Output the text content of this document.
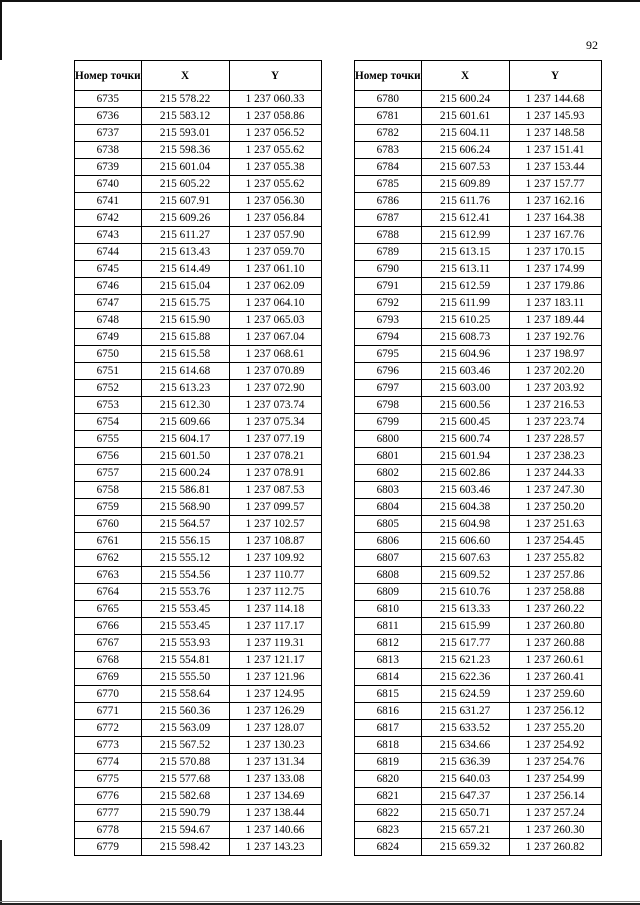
92
Номер точки	X	Y
6735	215 578.22	1 237 060.33
6736	215 583.12	1 237 058.86
6737	215 593.01	1 237 056.52
6738	215 598.36	1 237 055.62
6739	215 601.04	1 237 055.38
6740	215 605.22	1 237 055.62
6741	215 607.91	1 237 056.30
6742	215 609.26	1 237 056.84
6743	215 611.27	1 237 057.90
6744	215 613.43	1 237 059.70
6745	215 614.49	1 237 061.10
6746	215 615.04	1 237 062.09
6747	215 615.75	1 237 064.10
6748	215 615.90	1 237 065.03
6749	215 615.88	1 237 067.04
6750	215 615.58	1 237 068.61
6751	215 614.68	1 237 070.89
6752	215 613.23	1 237 072.90
6753	215 612.30	1 237 073.74
6754	215 609.66	1 237 075.34
6755	215 604.17	1 237 077.19
6756	215 601.50	1 237 078.21
6757	215 600.24	1 237 078.91
6758	215 586.81	1 237 087.53
6759	215 568.90	1 237 099.57
6760	215 564.57	1 237 102.57
6761	215 556.15	1 237 108.87
6762	215 555.12	1 237 109.92
6763	215 554.56	1 237 110.77
6764	215 553.76	1 237 112.75
6765	215 553.45	1 237 114.18
6766	215 553.45	1 237 117.17
6767	215 553.93	1 237 119.31
6768	215 554.81	1 237 121.17
6769	215 555.50	1 237 121.96
6770	215 558.64	1 237 124.95
6771	215 560.36	1 237 126.29
6772	215 563.09	1 237 128.07
6773	215 567.52	1 237 130.23
6774	215 570.88	1 237 131.34
6775	215 577.68	1 237 133.08
6776	215 582.68	1 237 134.69
6777	215 590.79	1 237 138.44
6778	215 594.67	1 237 140.66
6779	215 598.42	1 237 143.23
Номер точки	X	Y
6780	215 600.24	1 237 144.68
6781	215 601.61	1 237 145.93
6782	215 604.11	1 237 148.58
6783	215 606.24	1 237 151.41
6784	215 607.53	1 237 153.44
6785	215 609.89	1 237 157.77
6786	215 611.76	1 237 162.16
6787	215 612.41	1 237 164.38
6788	215 612.99	1 237 167.76
6789	215 613.15	1 237 170.15
6790	215 613.11	1 237 174.99
6791	215 612.59	1 237 179.86
6792	215 611.99	1 237 183.11
6793	215 610.25	1 237 189.44
6794	215 608.73	1 237 192.76
6795	215 604.96	1 237 198.97
6796	215 603.46	1 237 202.20
6797	215 603.00	1 237 203.92
6798	215 600.56	1 237 216.53
6799	215 600.45	1 237 223.74
6800	215 600.74	1 237 228.57
6801	215 601.94	1 237 238.23
6802	215 602.86	1 237 244.33
6803	215 603.46	1 237 247.30
6804	215 604.38	1 237 250.20
6805	215 604.98	1 237 251.63
6806	215 606.60	1 237 254.45
6807	215 607.63	1 237 255.82
6808	215 609.52	1 237 257.86
6809	215 610.76	1 237 258.88
6810	215 613.33	1 237 260.22
6811	215 615.99	1 237 260.80
6812	215 617.77	1 237 260.88
6813	215 621.23	1 237 260.61
6814	215 622.36	1 237 260.41
6815	215 624.59	1 237 259.60
6816	215 631.27	1 237 256.12
6817	215 633.52	1 237 255.20
6818	215 634.66	1 237 254.92
6819	215 636.39	1 237 254.76
6820	215 640.03	1 237 254.99
6821	215 647.37	1 237 256.14
6822	215 650.71	1 237 257.24
6823	215 657.21	1 237 260.30
6824	215 659.32	1 237 260.82
